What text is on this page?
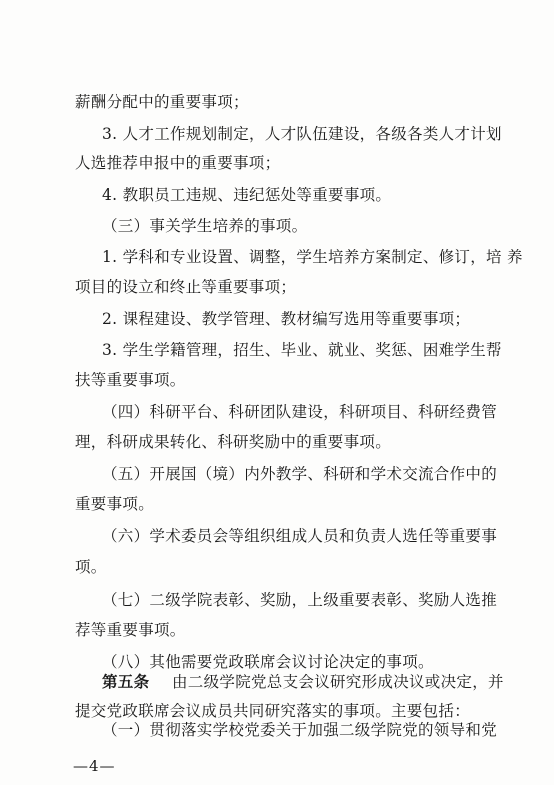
薪酬分配中的重要事项；
3. 人才工作规划制定，人才队伍建设，各级各类人才计划
人选推荐申报中的重要事项；
4. 教职员工违规、违纪惩处等重要事项。
（三）事关学生培养的事项。
1. 学科和专业设置、调整，学生培养方案制定、修订，培 养
项目的设立和终止等重要事项；
2. 课程建设、教学管理、教材编写选用等重要事项；
3. 学生学籍管理，招生、毕业、就业、奖惩、困难学生帮
扶等重要事项。
（四）科研平台、科研团队建设，科研项目、科研经费管
理，科研成果转化、科研奖励中的重要事项。
（五）开展国（境）内外教学、科研和学术交流合作中的
重要事项。
（六）学术委员会等组织组成人员和负责人选任等重要事
项。
（七）二级学院表彰、奖励，上级重要表彰、奖励人选推
荐等重要事项。
（八）其他需要党政联席会议讨论决定的事项。
第五条 由二级学院党总支会议研究形成决议或决定，并
—4—
提交党政联席会议成员共同研究落实的事项。主要包括：
（一）贯彻落实学校党委关于加强二级学院党的领导和党
